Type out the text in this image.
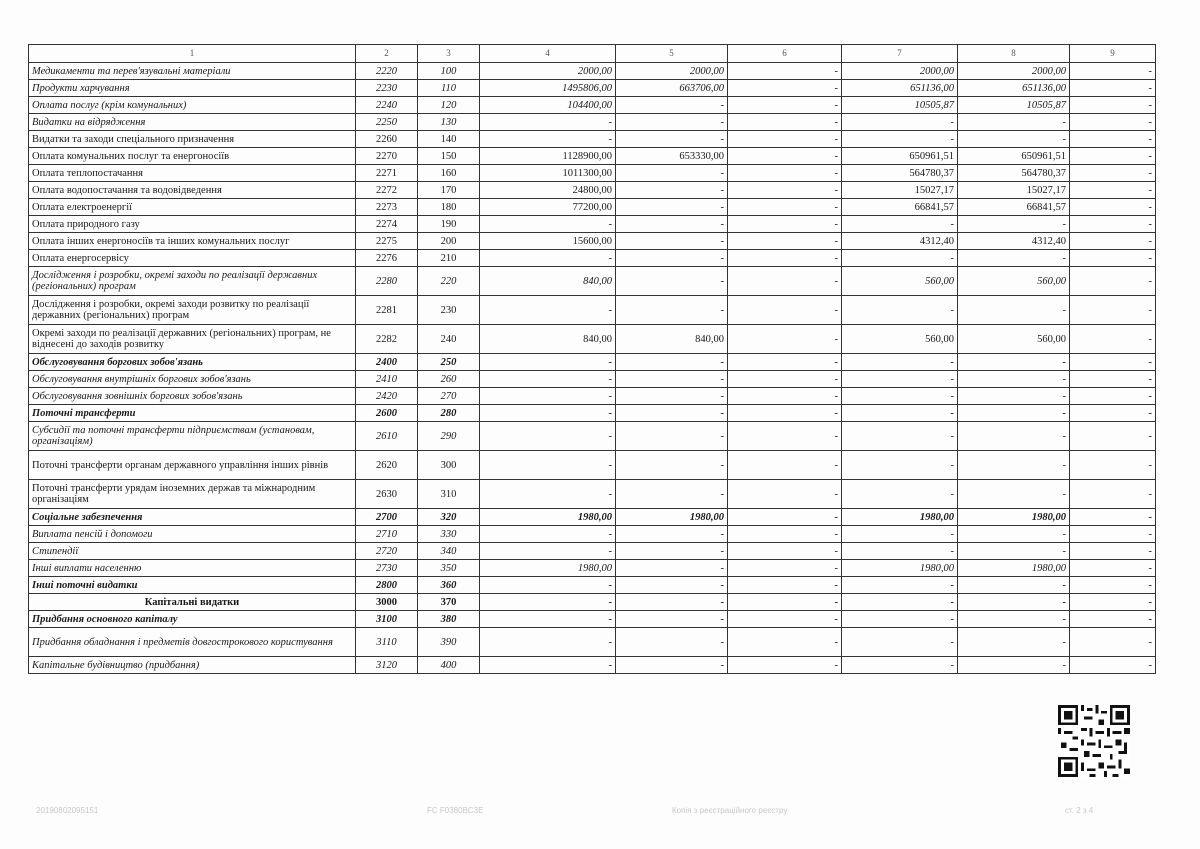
1	2	3	4	5	6	7	8	9
Медикаменти та перев'язувальні матеріали	2220	100	2000,00	2000,00	-	2000,00	2000,00	-
Продукти харчування	2230	110	1495806,00	663706,00	-	651136,00	651136,00	-
Оплата послуг (крім комунальних)	2240	120	104400,00	-	-	10505,87	10505,87	-
Видатки на відрядження	2250	130	-	-	-	-	-	-
Видатки та заходи спеціального призначення	2260	140	-	-	-	-	-	-
Оплата комунальних послуг та енергоносіїв	2270	150	1128900,00	653330,00	-	650961,51	650961,51	-
Оплата теплопостачання	2271	160	1011300,00	-	-	564780,37	564780,37	-
Оплата водопостачання та водовідведення	2272	170	24800,00	-	-	15027,17	15027,17	-
Оплата електроенергії	2273	180	77200,00	-	-	66841,57	66841,57	-
Оплата природного газу	2274	190	-	-	-	-	-	-
Оплата інших енергоносіїв та інших комунальних послуг	2275	200	15600,00	-	-	4312,40	4312,40	-
Оплата енергосервісу	2276	210	-	-	-	-	-	-
Дослідження і розробки, окремі заходи по реалізації державних (регіональних) програм	2280	220	840,00	-	-	560,00	560,00	-
Дослідження і розробки, окремі заходи розвитку по реалізації державних (регіональних) програм	2281	230	-	-	-	-	-	-
Окремі заходи по реалізації державних (регіональних) програм, не віднесені до заходів розвитку	2282	240	840,00	840,00	-	560,00	560,00	-
Обслуговування боргових зобов'язань	2400	250	-	-	-	-	-	-
Обслуговування внутрішніх боргових зобов'язань	2410	260	-	-	-	-	-	-
Обслуговування зовнішніх боргових зобов'язань	2420	270	-	-	-	-	-	-
Поточні трансферти	2600	280	-	-	-	-	-	-
Субсидії та поточні трансферти підприємствам (установам, організаціям)	2610	290	-	-	-	-	-	-
Поточні трансферти органам державного управління інших рівнів	2620	300	-	-	-	-	-	-
Поточні трансферти урядам іноземних держав та міжнародним організаціям	2630	310	-	-	-	-	-	-
Соціальне забезпечення	2700	320	1980,00	1980,00	-	1980,00	1980,00	-
Виплата пенсій і допомоги	2710	330	-	-	-	-	-	-
Стипендії	2720	340	-	-	-	-	-	-
Інші виплати населенню	2730	350	1980,00	-	-	1980,00	1980,00	-
Інші поточні видатки	2800	360	-	-	-	-	-	-
Капітальні видатки	3000	370	-	-	-	-	-	-
Придбання основного капіталу	3100	380	-	-	-	-	-	-
Придбання обладнання і предметів довгострокового користування	3110	390	-	-	-	-	-	-
Капітальне будівництво (придбання)	3120	400	-	-	-	-	-	-
20190802095151	FC F0380BC3E	Копія з реєстраційного реєстру	ст. 2 з 4
